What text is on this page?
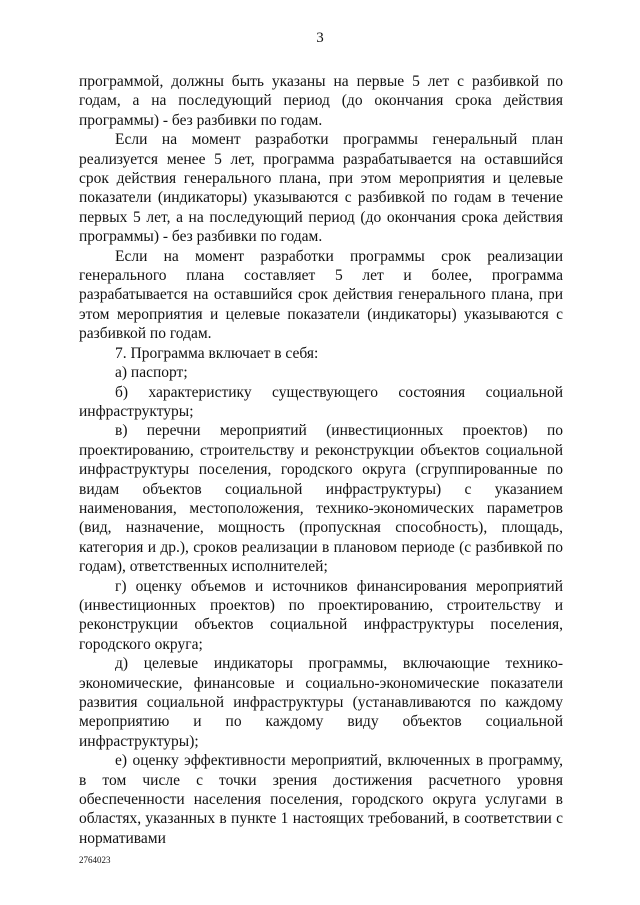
3

программой, должны быть указаны на первые 5 лет с разбивкой по годам, а на последующий период (до окончания срока действия программы) - без разбивки по годам.

Если на момент разработки программы генеральный план реализуется менее 5 лет, программа разрабатывается на оставшийся срок действия генерального плана, при этом мероприятия и целевые показатели (индикаторы) указываются с разбивкой по годам в течение первых 5 лет, а на последующий период (до окончания срока действия программы) - без разбивки по годам.

Если на момент разработки программы срок реализации генерального плана составляет 5 лет и более, программа разрабатывается на оставшийся срок действия генерального плана, при этом мероприятия и целевые показатели (индикаторы) указываются с разбивкой по годам.

7. Программа включает в себя:

а) паспорт;

б) характеристику существующего состояния социальной инфраструктуры;

в) перечни мероприятий (инвестиционных проектов) по проектированию, строительству и реконструкции объектов социальной инфраструктуры поселения, городского округа (сгруппированные по видам объектов социальной инфраструктуры) с указанием наименования, местоположения, технико-экономических параметров (вид, назначение, мощность (пропускная способность), площадь, категория и др.), сроков реализации в плановом периоде (с разбивкой по годам), ответственных исполнителей;

г) оценку объемов и источников финансирования мероприятий (инвестиционных проектов) по проектированию, строительству и реконструкции объектов социальной инфраструктуры поселения, городского округа;

д) целевые индикаторы программы, включающие технико-экономические, финансовые и социально-экономические показатели развития социальной инфраструктуры (устанавливаются по каждому мероприятию и по каждому виду объектов социальной инфраструктуры);

е) оценку эффективности мероприятий, включенных в программу, в том числе с точки зрения достижения расчетного уровня обеспеченности населения поселения, городского округа услугами в областях, указанных в пункте 1 настоящих требований, в соответствии с нормативами

2764023
